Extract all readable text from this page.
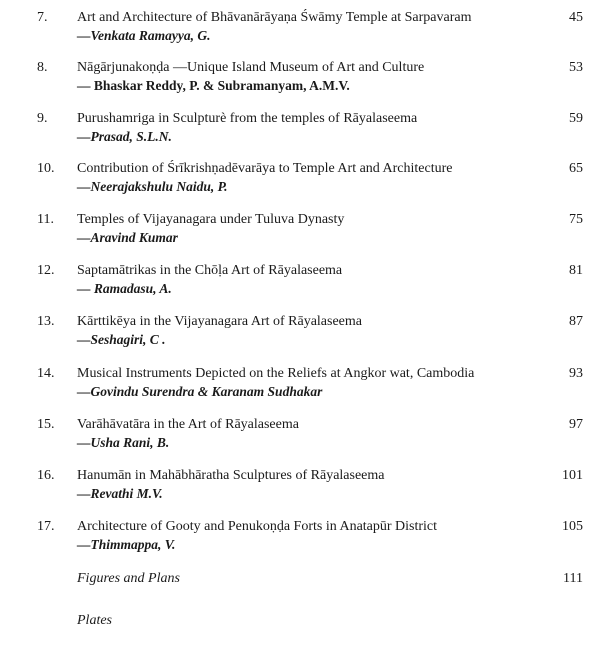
7. Art and Architecture of Bhāvanārāyaṇa Śwāmy Temple at Sarpavaram
—Venkata Ramayya, G.
45
8. Nāgārjunakoṇḍa —Unique Island Museum of Art and Culture
— Bhaskar Reddy, P. & Subramanyam, A.M.V.
53
9. Purushamriga in Sculpturè from the temples of Rāyalaseema
—Prasad, S.L.N.
59
10. Contribution of Śrīkrishṇadēvarāya to Temple Art and Architecture
—Neerajakshulu Naidu, P.
65
11. Temples of Vijayanagara under Tuluva Dynasty
—Aravind Kumar
75
12. Saptamātrikas in the Chōḷa Art of Rāyalaseema
— Ramadasu, A.
81
13. Kārttikēya in the Vijayanagara Art of Rāyalaseema
—Seshagiri, C .
87
14. Musical Instruments Depicted on the Reliefs at Angkor wat, Cambodia
—Govindu Surendra & Karanam Sudhakar
93
15. Varāhāvatāra in the Art of Rāyalaseema
—Usha Rani, B.
97
16. Hanumān in Mahābhāratha Sculptures of Rāyalaseema
—Revathi M.V.
101
17. Architecture of Gooty and Penukoṇḍa Forts in Anatapūr District
—Thimmappa, V.
105
Figures and Plans	111
Plates
